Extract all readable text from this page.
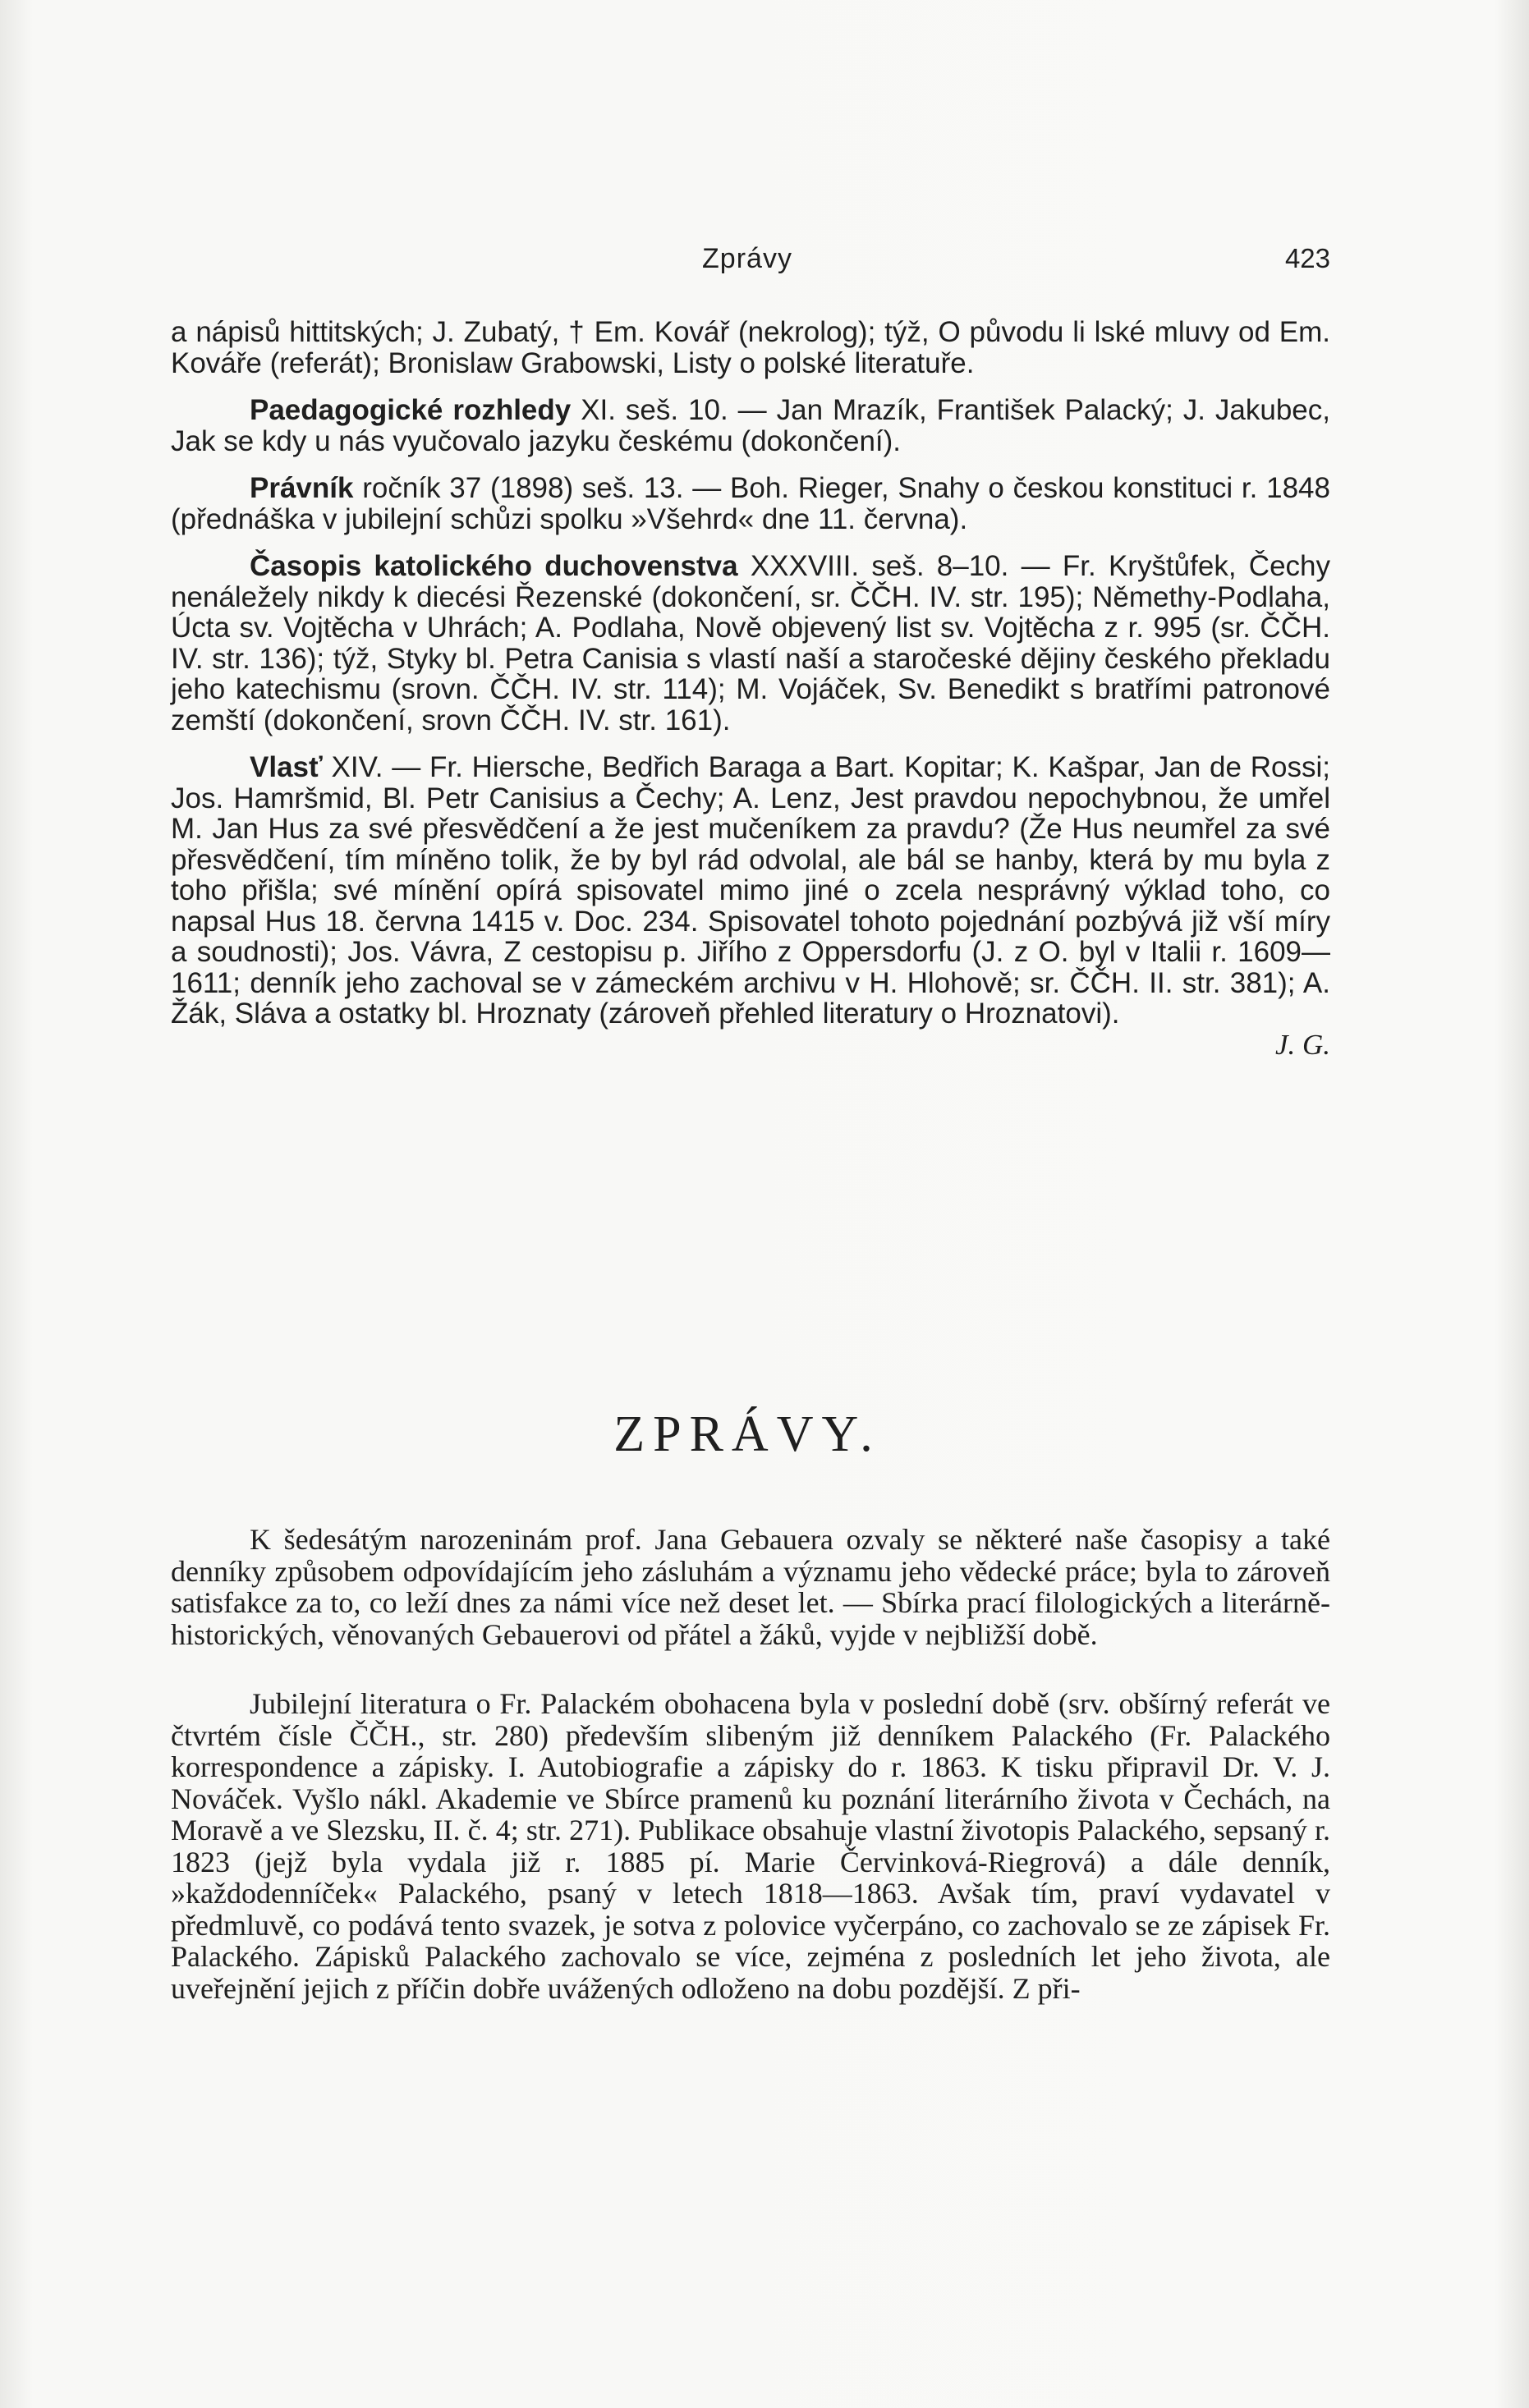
Zprávy	423

a nápisů hittitských; J. Zubatý, † Em. Kovář (nekrolog); týž, O původu li lské mluvy od Em. Kováře (referát); Bronislaw Grabowski, Listy o polské literatuře.

Paedagogické rozhledy XI. seš. 10. — Jan Mrazík, František Palacký; J. Jakubec, Jak se kdy u nás vyučovalo jazyku českému (dokončení).

Právník ročník 37 (1898) seš. 13. — Boh. Rieger, Snahy o českou konstituci r. 1848 (přednáška v jubilejní schůzi spolku »Všehrd« dne 11. června).

Časopis katolického duchovenstva XXXVIII. seš. 8–10. — Fr. Kryštůfek, Čechy nenáležely nikdy k diecési Řezenské (dokončení, sr. ČČH. IV. str. 195); Němethy-Podlaha, Úcta sv. Vojtěcha v Uhrách; A. Podlaha, Nově objevený list sv. Vojtěcha z r. 995 (sr. ČČH. IV. str. 136); týž, Styky bl. Petra Canisia s vlastí naší a staročeské dějiny českého překladu jeho katechismu (srovn. ČČH. IV. str. 114); M. Vojáček, Sv. Benedikt s bratřími patronové zemští (dokončení, srovn ČČH. IV. str. 161).

Vlasť XIV. — Fr. Hiersche, Bedřich Baraga a Bart. Kopitar; K. Kašpar, Jan de Rossi; Jos. Hamršmid, Bl. Petr Canisius a Čechy; A. Lenz, Jest pravdou nepochybnou, že umřel M. Jan Hus za své přesvědčení a že jest mučeníkem za pravdu? (Že Hus neumřel za své přesvědčení, tím míněno tolik, že by byl rád odvolal, ale bál se hanby, která by mu byla z toho přišla; své mínění opírá spisovatel mimo jiné o zcela nesprávný výklad toho, co napsal Hus 18. června 1415 v. Doc. 234. Spisovatel tohoto pojednání pozbývá již vší míry a soudnosti); Jos. Vávra, Z cestopisu p. Jiřího z Oppersdorfu (J. z O. byl v Italii r. 1609—1611; denník jeho zachoval se v zámeckém archivu v H. Hlohově; sr. ČČH. II. str. 381); A. Žák, Sláva a ostatky bl. Hroznaty (zároveň přehled literatury o Hroznatovi).
J. G.

ZPRÁVY.

K šedesátým narozeninám prof. Jana Gebauera ozvaly se některé naše časopisy a také denníky způsobem odpovídajícím jeho zásluhám a významu jeho vědecké práce; byla to zároveň satisfakce za to, co leží dnes za námi více než deset let. — Sbírka prací filologických a literárně-historických, věnovaných Gebauerovi od přátel a žáků, vyjde v nejbližší době.

Jubilejní literatura o Fr. Palackém obohacena byla v poslední době (srv. obšírný referát ve čtvrtém čísle ČČH., str. 280) především slibeným již denníkem Palackého (Fr. Palackého korrespondence a zápisky. I. Autobiografie a zápisky do r. 1863. K tisku připravil Dr. V. J. Nováček. Vyšlo nákl. Akademie ve Sbírce pramenů ku poznání literárního života v Čechách, na Moravě a ve Slezsku, II. č. 4; str. 271). Publikace obsahuje vlastní životopis Palackého, sepsaný r. 1823 (jejž byla vydala již r. 1885 pí. Marie Červinková-Riegrová) a dále denník, »každodenníček« Palackého, psaný v letech 1818—1863. Avšak tím, praví vydavatel v předmluvě, co podává tento svazek, je sotva z polovice vyčerpáno, co zachovalo se ze zápisek Fr. Palackého. Zápisků Palackého zachovalo se více, zejména z posledních let jeho života, ale uveřejnění jejich z příčin dobře uvážených odloženo na dobu pozdější. Z při-
